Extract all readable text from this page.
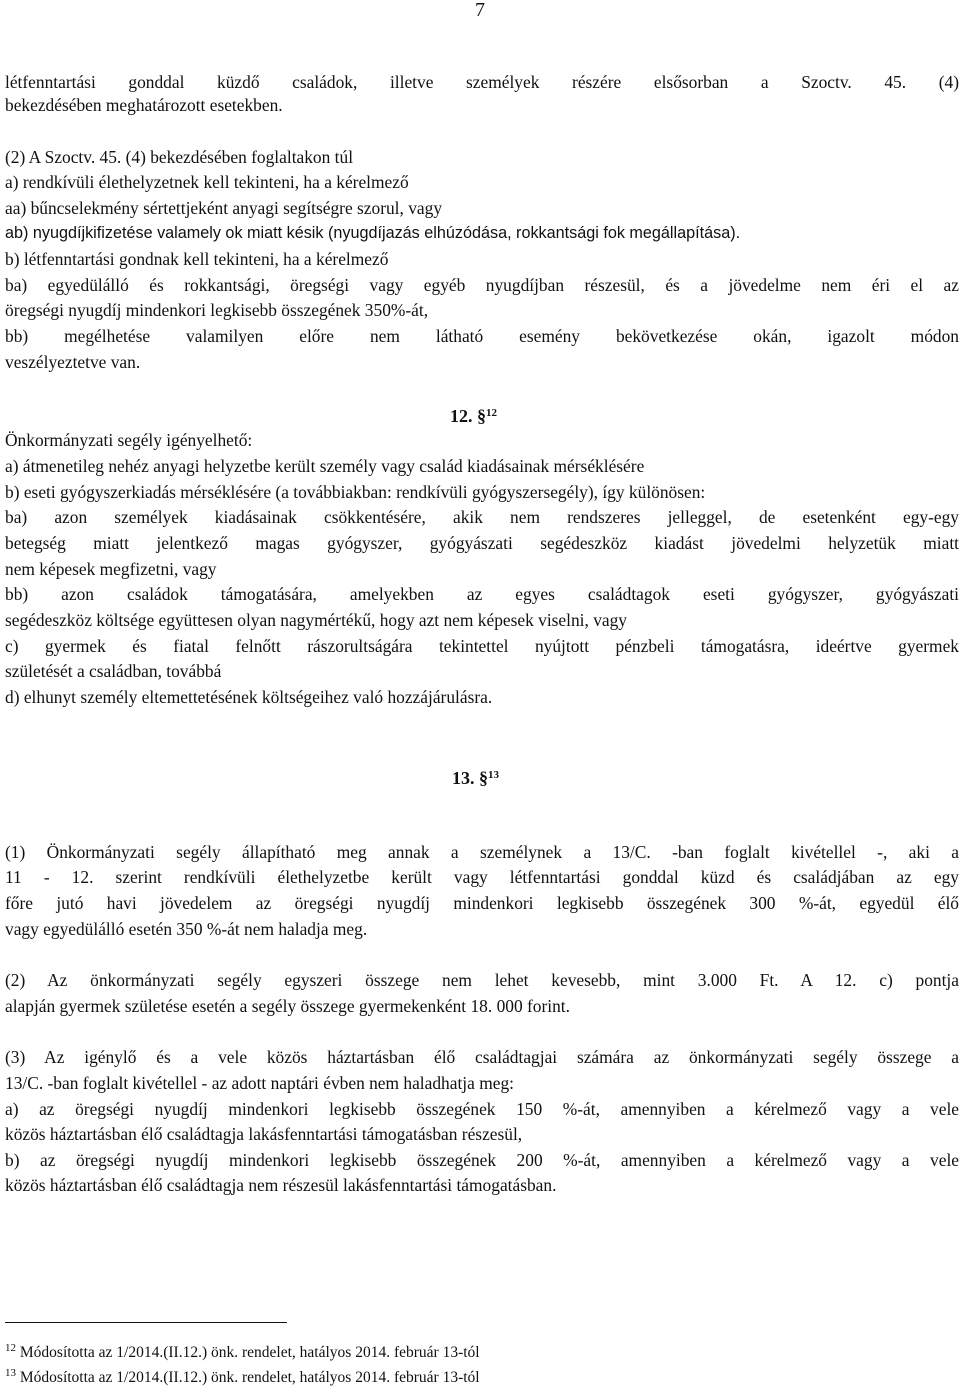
7
létfenntartási gonddal küzdő családok, illetve személyek részére elsősorban a Szoctv. 45. (4)
bekezdésében meghatározott esetekben.
(2) A Szoctv. 45. (4) bekezdésében foglaltakon túl
a) rendkívüli élethelyzetnek kell tekinteni, ha a kérelmező
aa) bűncselekmény sértettjeként anyagi segítségre szorul, vagy
ab) nyugdíjkifizetése valamely ok miatt késik (nyugdíjazás elhúzódása, rokkantsági fok megállapítása).
b) létfenntartási gondnak kell tekinteni, ha a kérelmező
ba) egyedülálló és rokkantsági, öregségi vagy egyéb nyugdíjban részesül, és a jövedelme nem éri el az
öregségi nyugdíj mindenkori legkisebb összegének 350%-át,
bb) megélhetése valamilyen előre nem látható esemény bekövetkezése okán, igazolt módon
veszélyeztetve van.
12. §$^{12}$
Önkormányzati segély igényelhető:
a) átmenetileg nehéz anyagi helyzetbe került személy vagy család kiadásainak mérséklésére
b) eseti gyógyszerkiadás mérséklésére (a továbbiakban: rendkívüli gyógyszersegély), így különösen:
ba) azon személyek kiadásainak csökkentésére, akik nem rendszeres jelleggel, de esetenként egy-egy
betegség miatt jelentkező magas gyógyszer, gyógyászati segédeszköz kiadást jövedelmi helyzetük miatt
nem képesek megfizetni, vagy
bb) azon családok támogatására, amelyekben az egyes családtagok eseti gyógyszer, gyógyászati
segédeszköz költsége együttesen olyan nagymértékű, hogy azt nem képesek viselni, vagy
c) gyermek és fiatal felnőtt rászorultságára tekintettel nyújtott pénzbeli támogatásra, ideértve gyermek
születését a családban, továbbá
d) elhunyt személy eltemettetésének költségeihez való hozzájárulásra.
13. §$^{13}$
(1) Önkormányzati segély állapítható meg annak a személynek a 13/C. -ban foglalt kivétellel -, aki a
11 - 12. szerint rendkívüli élethelyzetbe került vagy létfenntartási gonddal küzd és családjában az egy
főre jutó havi jövedelem az öregségi nyugdíj mindenkori legkisebb összegének 300 %-át, egyedül élő
vagy egyedülálló esetén 350 %-át nem haladja meg.
(2) Az önkormányzati segély egyszeri összege nem lehet kevesebb, mint 3.000 Ft. A 12. c) pontja
alapján gyermek születése esetén a segély összege gyermekenként 18. 000 forint.
(3) Az igénylő és a vele közös háztartásban élő családtagjai számára az önkormányzati segély összege a
13/C. -ban foglalt kivétellel - az adott naptári évben nem haladhatja meg:
a) az öregségi nyugdíj mindenkori legkisebb összegének 150 %-át, amennyiben a kérelmező vagy a vele
közös háztartásban élő családtagja lakásfenntartási támogatásban részesül,
b) az öregségi nyugdíj mindenkori legkisebb összegének 200 %-át, amennyiben a kérelmező vagy a vele
közös háztartásban élő családtagja nem részesül lakásfenntartási támogatásban.
$^{12}$ Módosította az 1/2014.(II.12.) önk. rendelet, hatályos 2014. február 13-tól
$^{13}$ Módosította az 1/2014.(II.12.) önk. rendelet, hatályos 2014. február 13-tól
